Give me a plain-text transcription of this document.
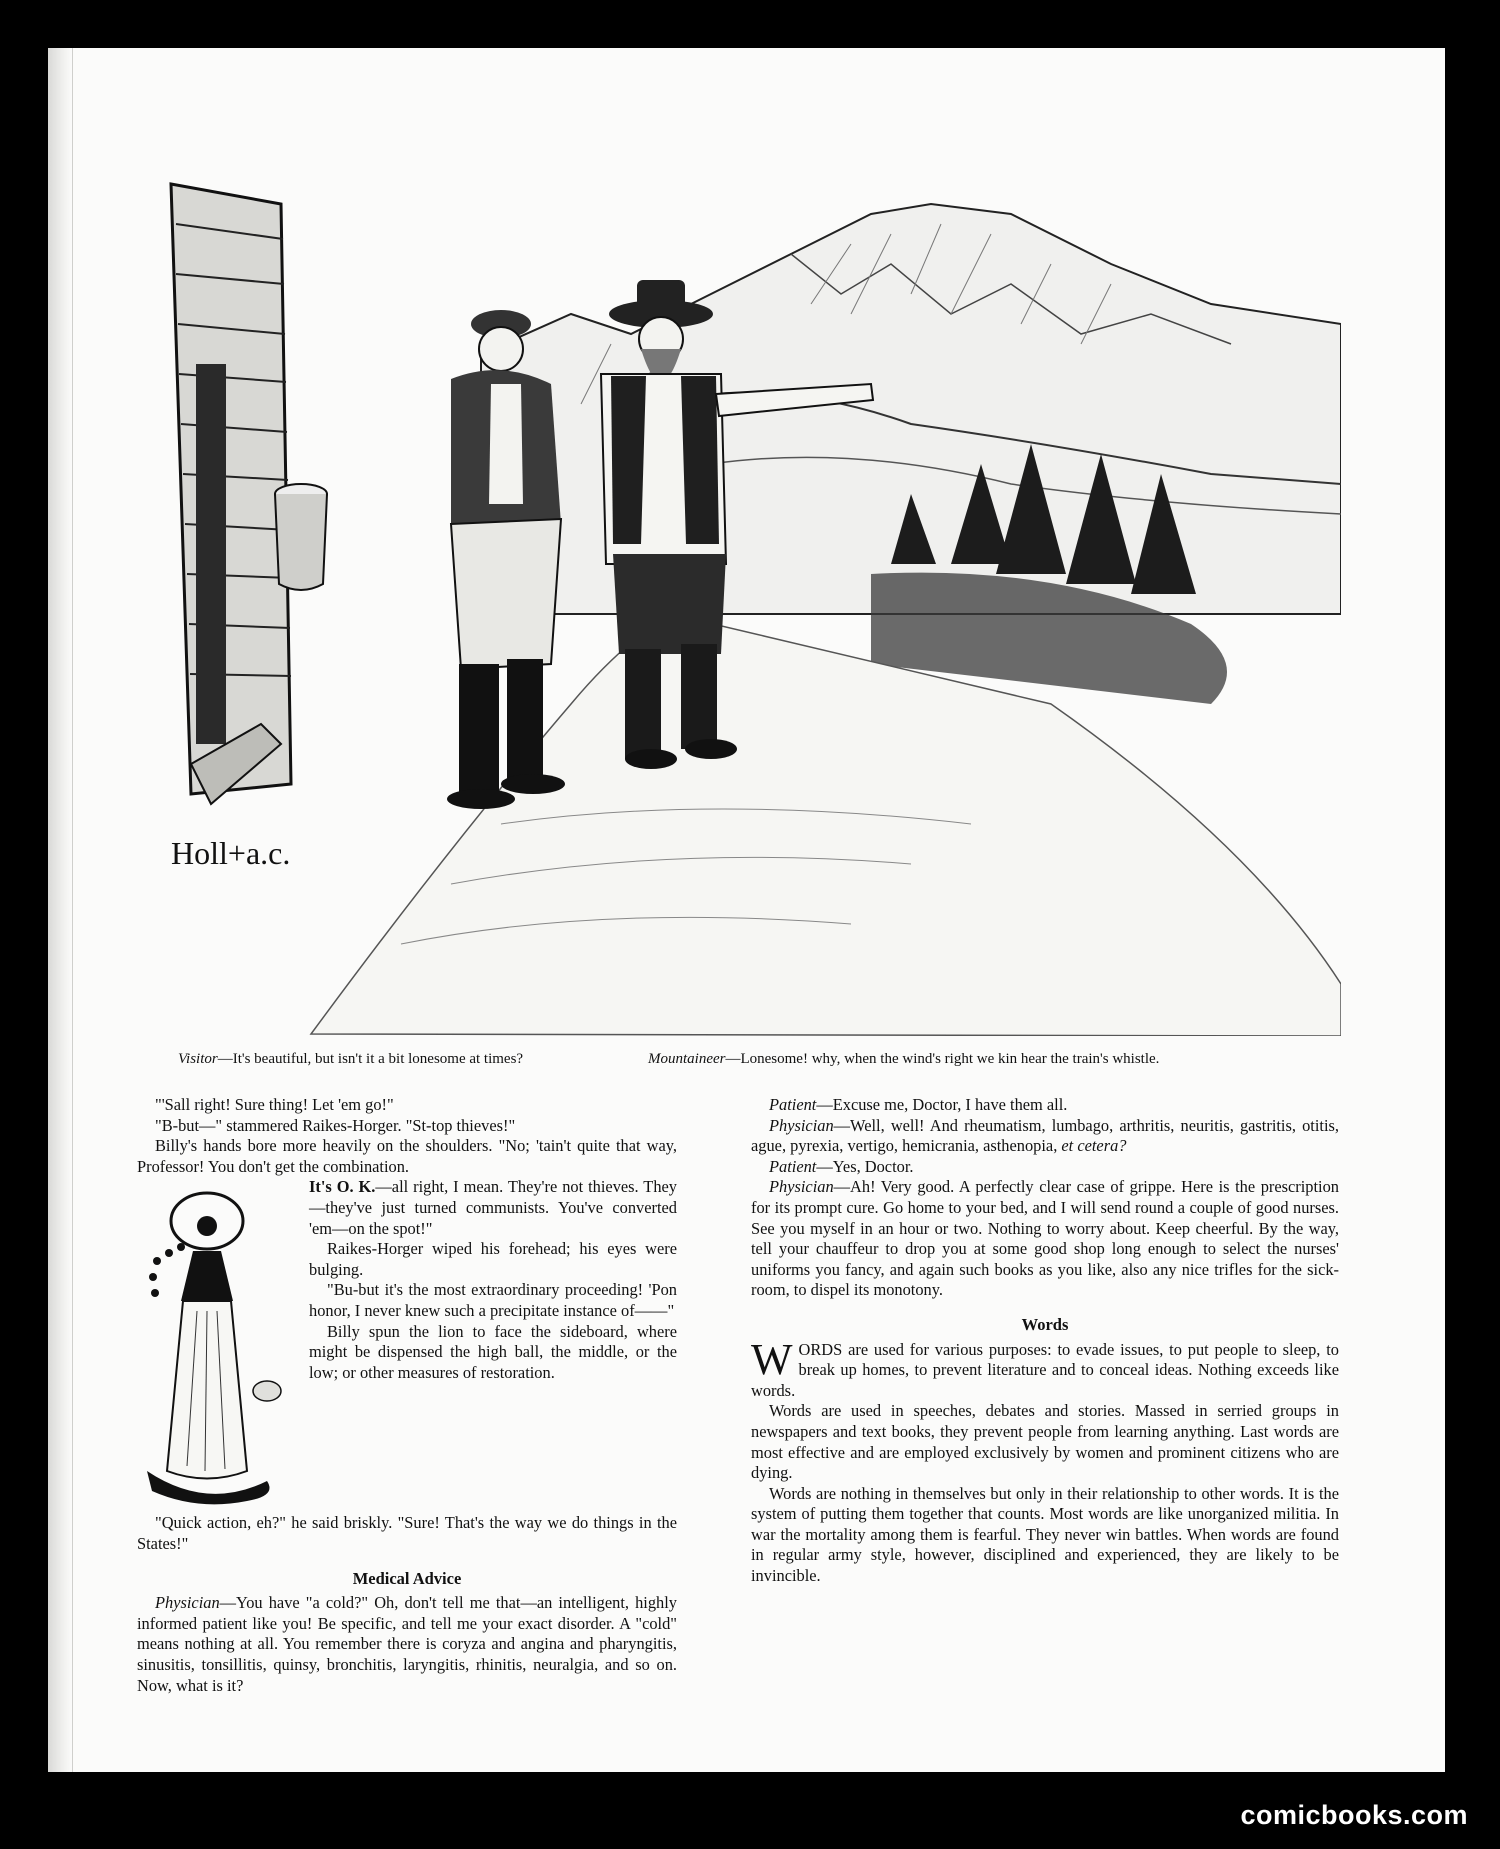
Holl+a.c.
Visitor—It's beautiful, but isn't it a bit lonesome at times?	Mountaineer—Lonesome! why, when the wind's right we kin hear the train's whistle.

"'Sall right! Sure thing! Let 'em go!"

"B-but—" stammered Raikes-Horger. "St-top thieves!"

Billy's hands bore more heavily on the shoulders. "No; 'tain't quite that way, Professor! You don't get the combination.

It's O. K.—all right, I mean. They're not thieves. They—they've just turned communists. You've converted 'em—on the spot!"

Raikes-Horger wiped his forehead; his eyes were bulging.

"Bu-but it's the most extraordinary proceeding! 'Pon honor, I never knew such a precipitate instance of——"

Billy spun the lion to face the sideboard, where might be dispensed the high ball, the middle, or the low; or other measures of restoration.

"Quick action, eh?" he said briskly. "Sure! That's the way we do things in the States!"

Medical Advice

Physician—You have "a cold?" Oh, don't tell me that—an intelligent, highly informed patient like you! Be specific, and tell me your exact disorder. A "cold" means nothing at all. You remember there is coryza and angina and pharyngitis, sinusitis, tonsillitis, quinsy, bronchitis, laryngitis, rhinitis, neuralgia, and so on. Now, what is it?

Patient—Excuse me, Doctor, I have them all.

Physician—Well, well! And rheumatism, lumbago, arthritis, neuritis, gastritis, otitis, ague, pyrexia, vertigo, hemicrania, asthenopia, et cetera?

Patient—Yes, Doctor.

Physician—Ah! Very good. A perfectly clear case of grippe. Here is the prescription for its prompt cure. Go home to your bed, and I will send round a couple of good nurses. See you myself in an hour or two. Nothing to worry about. Keep cheerful. By the way, tell your chauffeur to drop you at some good shop long enough to select the nurses' uniforms you fancy, and again such books as you like, also any nice trifles for the sick-room, to dispel its monotony.

Words

WORDS are used for various purposes: to evade issues, to put people to sleep, to break up homes, to prevent literature and to conceal ideas. Nothing exceeds like words.

Words are used in speeches, debates and stories. Massed in serried groups in newspapers and text books, they prevent people from learning anything. Last words are most effective and are employed exclusively by women and prominent citizens who are dying.

Words are nothing in themselves but only in their relationship to other words. It is the system of putting them together that counts. Most words are like unorganized militia. In war the mortality among them is fearful. They never win battles. When words are found in regular army style, however, disciplined and experienced, they are likely to be invincible.

comicbooks.com
